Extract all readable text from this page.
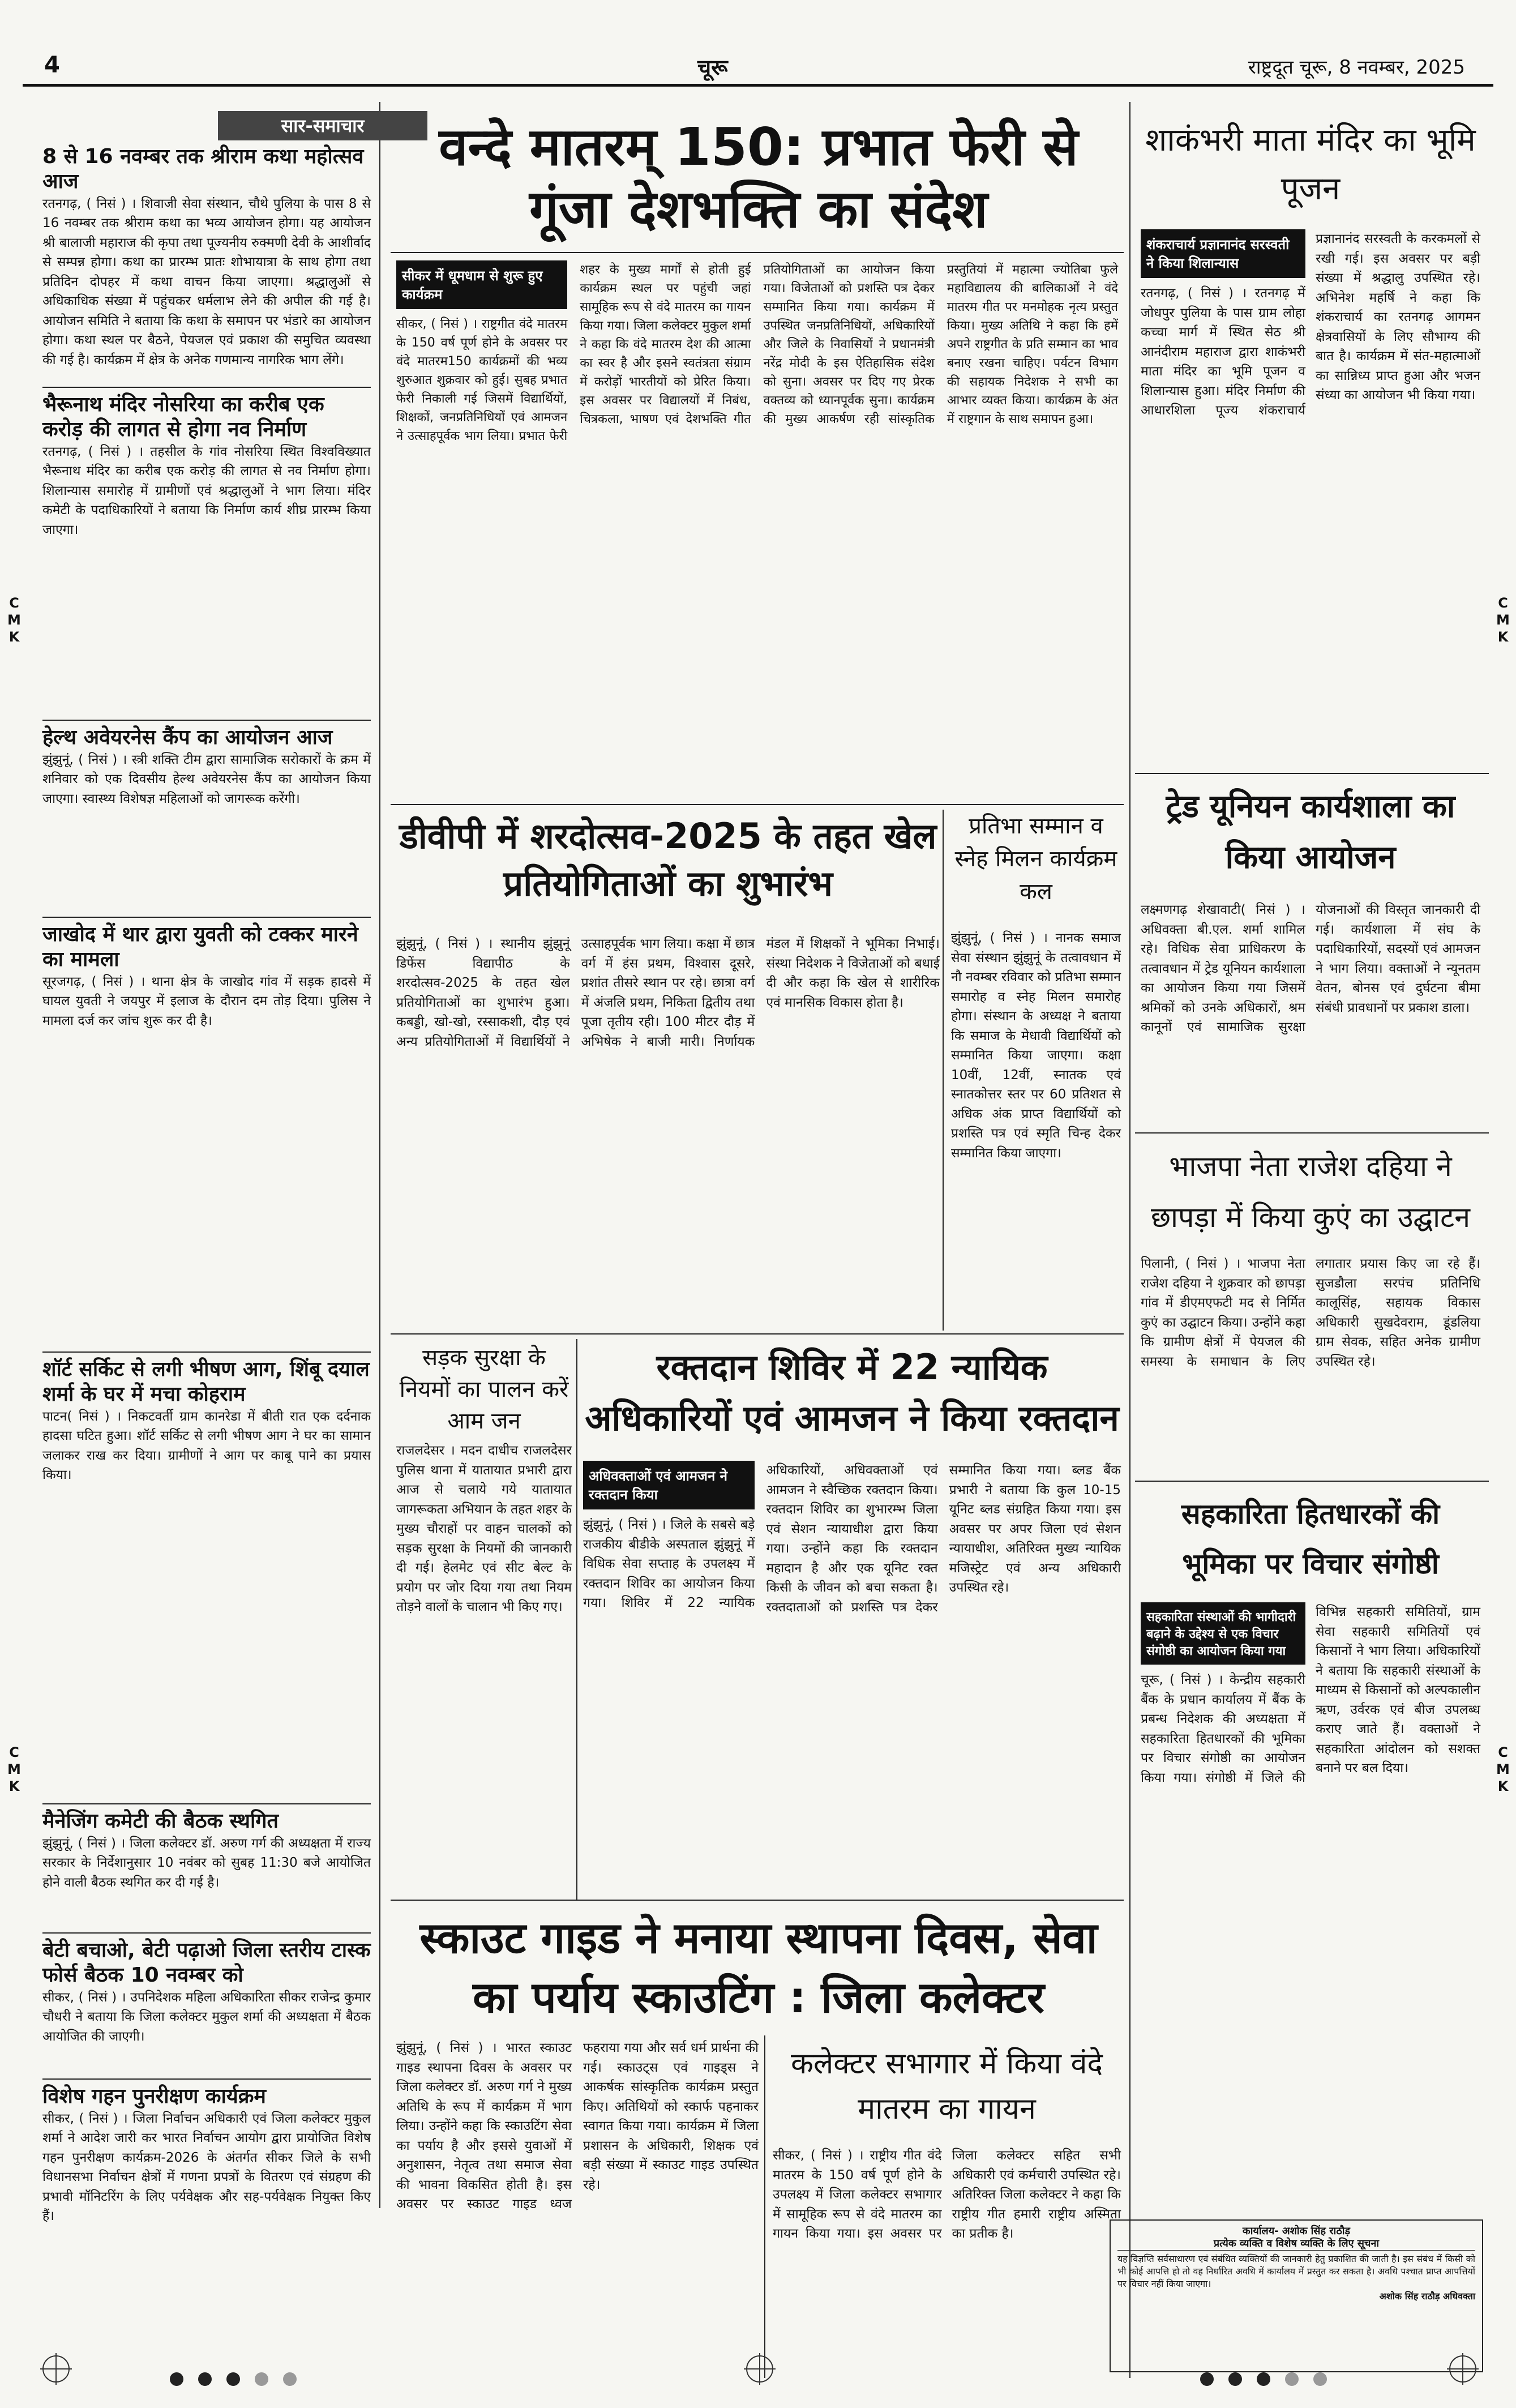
4	चूरू	राष्ट्रदूत चूरू, 8 नवम्बर, 2025
सार-समाचार
8 से 16 नवम्बर तक श्रीराम कथा महोत्सव आज
रतनगढ़, ( निसं ) । शिवाजी सेवा संस्थान, चौथे पुलिया के पास 8 से 16 नवम्बर तक श्रीराम कथा का भव्य आयोजन होगा। यह आयोजन श्री बालाजी महाराज की कृपा तथा पूज्यनीय रुक्मणी देवी के आशीर्वाद से सम्पन्न होगा। कथा का प्रारम्भ प्रातः शोभायात्रा के साथ होगा तथा प्रतिदिन दोपहर में कथा वाचन किया जाएगा। श्रद्धालुओं से अधिकाधिक संख्या में पहुंचकर धर्मलाभ लेने की अपील की गई है। आयोजन समिति ने बताया कि कथा के समापन पर भंडारे का आयोजन होगा। कथा स्थल पर बैठने, पेयजल एवं प्रकाश की समुचित व्यवस्था की गई है। कार्यक्रम में क्षेत्र के अनेक गणमान्य नागरिक भाग लेंगे।
भैरूनाथ मंदिर नोसरिया का करीब एक करोड़ की लागत से होगा नव निर्माण
रतनगढ़, ( निसं ) । तहसील के गांव नोसरिया स्थित विश्वविख्यात भैरूनाथ मंदिर का करीब एक करोड़ की लागत से नव निर्माण होगा। शिलान्यास समारोह में ग्रामीणों एवं श्रद्धालुओं ने भाग लिया। मंदिर कमेटी के पदाधिकारियों ने बताया कि निर्माण कार्य शीघ्र प्रारम्भ किया जाएगा।
हेल्थ अवेयरनेस कैंप का आयोजन आज
झुंझुनूं, ( निसं ) । स्त्री शक्ति टीम द्वारा सामाजिक सरोकारों के क्रम में शनिवार को एक दिवसीय हेल्थ अवेयरनेस कैंप का आयोजन किया जाएगा। स्वास्थ्य विशेषज्ञ महिलाओं को जागरूक करेंगी।
जाखोद में थार द्वारा युवती को टक्कर मारने का मामला
सूरजगढ़, ( निसं ) । थाना क्षेत्र के जाखोद गांव में सड़क हादसे में घायल युवती ने जयपुर में इलाज के दौरान दम तोड़ दिया। पुलिस ने मामला दर्ज कर जांच शुरू कर दी है।
शॉर्ट सर्किट से लगी भीषण आग, शिंबू दयाल शर्मा के घर में मचा कोहराम
पाटन( निसं ) । निकटवर्ती ग्राम कानरेडा में बीती रात एक दर्दनाक हादसा घटित हुआ। शॉर्ट सर्किट से लगी भीषण आग ने घर का सामान जलाकर राख कर दिया। ग्रामीणों ने आग पर काबू पाने का प्रयास किया।
मैनेजिंग कमेटी की बैठक स्थगित
झुंझुनूं, ( निसं ) । जिला कलेक्टर डॉ. अरुण गर्ग की अध्यक्षता में राज्य सरकार के निर्देशानुसार 10 नवंबर को सुबह 11:30 बजे आयोजित होने वाली बैठक स्थगित कर दी गई है।
बेटी बचाओ, बेटी पढ़ाओ जिला स्तरीय टास्क फोर्स बैठक 10 नवम्बर को
सीकर, ( निसं ) । उपनिदेशक महिला अधिकारिता सीकर राजेन्द्र कुमार चौधरी ने बताया कि जिला कलेक्टर मुकुल शर्मा की अध्यक्षता में बैठक आयोजित की जाएगी।
विशेष गहन पुनरीक्षण कार्यक्रम
सीकर, ( निसं ) । जिला निर्वाचन अधिकारी एवं जिला कलेक्टर मुकुल शर्मा ने आदेश जारी कर भारत निर्वाचन आयोग द्वारा प्रायोजित विशेष गहन पुनरीक्षण कार्यक्रम-2026 के अंतर्गत सीकर जिले के सभी विधानसभा निर्वाचन क्षेत्रों में गणना प्रपत्रों के वितरण एवं संग्रहण की प्रभावी मॉनिटरिंग के लिए पर्यवेक्षक और सह-पर्यवेक्षक नियुक्त किए हैं।
वन्दे मातरम्‌ 150: प्रभात फेरी से गूंजा देशभक्ति का संदेश
सीकर में धूमधाम से शुरू हुए कार्यक्रम
सीकर, ( निसं ) । राष्ट्रगीत वंदे मातरम के 150 वर्ष पूर्ण होने के अवसर पर वंदे मातरम150 कार्यक्रमों की भव्य शुरुआत शुक्रवार को हुई। सुबह प्रभात फेरी निकाली गई जिसमें विद्यार्थियों, शिक्षकों, जनप्रतिनिधियों एवं आमजन ने उत्साहपूर्वक भाग लिया। प्रभात फेरी शहर के मुख्य मार्गों से होती हुई कार्यक्रम स्थल पर पहुंची जहां सामूहिक रूप से वंदे मातरम का गायन किया गया। जिला कलेक्टर मुकुल शर्मा ने कहा कि वंदे मातरम देश की आत्मा का स्वर है और इसने स्वतंत्रता संग्राम में करोड़ों भारतीयों को प्रेरित किया। इस अवसर पर विद्यालयों में निबंध, चित्रकला, भाषण एवं देशभक्ति गीत प्रतियोगिताओं का आयोजन किया गया। विजेताओं को प्रशस्ति पत्र देकर सम्मानित किया गया। कार्यक्रम में उपस्थित जनप्रतिनिधियों, अधिकारियों और जिले के निवासियों ने प्रधानमंत्री नरेंद्र मोदी के इस ऐतिहासिक संदेश को सुना। अवसर पर दिए गए प्रेरक वक्तव्य को ध्यानपूर्वक सुना। कार्यक्रम की मुख्य आकर्षण रही सांस्कृतिक प्रस्तुतियां में महात्मा ज्योतिबा फुले महाविद्यालय की बालिकाओं ने वंदे मातरम गीत पर मनमोहक नृत्य प्रस्तुत किया। मुख्य अतिथि ने कहा कि हमें अपने राष्ट्रगीत के प्रति सम्मान का भाव बनाए रखना चाहिए। पर्यटन विभाग की सहायक निदेशक ने सभी का आभार व्यक्त किया। कार्यक्रम के अंत में राष्ट्रगान के साथ समापन हुआ।
डीवीपी में शरदोत्सव-2025 के तहत खेल प्रतियोगिताओं का शुभारंभ
झुंझुनूं, ( निसं ) । स्थानीय झुंझुनूं डिफेंस विद्यापीठ के शरदोत्सव-2025 के तहत खेल प्रतियोगिताओं का शुभारंभ हुआ। कबड्डी, खो-खो, रस्साकशी, दौड़ एवं अन्य प्रतियोगिताओं में विद्यार्थियों ने उत्साहपूर्वक भाग लिया। कक्षा में छात्र वर्ग में हंस प्रथम, विश्वास दूसरे, प्रशांत तीसरे स्थान पर रहे। छात्रा वर्ग में अंजलि प्रथम, निकिता द्वितीय तथा पूजा तृतीय रही। 100 मीटर दौड़ में अभिषेक ने बाजी मारी। निर्णायक मंडल में शिक्षकों ने भूमिका निभाई। संस्था निदेशक ने विजेताओं को बधाई दी और कहा कि खेल से शारीरिक एवं मानसिक विकास होता है।
प्रतिभा सम्मान व स्नेह मिलन कार्यक्रम कल
झुंझुनूं, ( निसं ) । नानक समाज सेवा संस्थान झुंझुनूं के तत्वावधान में नौ नवम्बर रविवार को प्रतिभा सम्मान समारोह व स्नेह मिलन समारोह होगा। संस्थान के अध्यक्ष ने बताया कि समाज के मेधावी विद्यार्थियों को सम्मानित किया जाएगा। कक्षा 10वीं, 12वीं, स्नातक एवं स्नातकोत्तर स्तर पर 60 प्रतिशत से अधिक अंक प्राप्त विद्यार्थियों को प्रशस्ति पत्र एवं स्मृति चिन्ह देकर सम्मानित किया जाएगा।
सड़क सुरक्षा के नियमों का पालन करें आम जन
राजलदेसर । मदन दाधीच राजलदेसर पुलिस थाना में यातायात प्रभारी द्वारा आज से चलाये गये यातायात जागरूकता अभियान के तहत शहर के मुख्य चौराहों पर वाहन चालकों को सड़क सुरक्षा के नियमों की जानकारी दी गई। हेलमेट एवं सीट बेल्ट के प्रयोग पर जोर दिया गया तथा नियम तोड़ने वालों के चालान भी किए गए।
रक्तदान शिविर में 22 न्यायिक अधिकारियों एवं आमजन ने किया रक्तदान
अधिवक्ताओं एवं आमजन ने रक्तदान किया
झुंझुनूं, ( निसं ) । जिले के सबसे बड़े राजकीय बीडीके अस्पताल झुंझुनूं में विधिक सेवा सप्ताह के उपलक्ष्य में रक्तदान शिविर का आयोजन किया गया। शिविर में 22 न्यायिक अधिकारियों, अधिवक्ताओं एवं आमजन ने स्वैच्छिक रक्तदान किया। रक्तदान शिविर का शुभारम्भ जिला एवं सेशन न्यायाधीश द्वारा किया गया। उन्होंने कहा कि रक्तदान महादान है और एक यूनिट रक्त किसी के जीवन को बचा सकता है। रक्तदाताओं को प्रशस्ति पत्र देकर सम्मानित किया गया। ब्लड बैंक प्रभारी ने बताया कि कुल 10-15 यूनिट ब्लड संग्रहित किया गया। इस अवसर पर अपर जिला एवं सेशन न्यायाधीश, अतिरिक्त मुख्य न्यायिक मजिस्ट्रेट एवं अन्य अधिकारी उपस्थित रहे।
स्काउट गाइड ने मनाया स्थापना दिवस, सेवा का पर्याय स्काउटिंग : जिला कलेक्टर
झुंझुनूं, ( निसं ) । भारत स्काउट गाइड स्थापना दिवस के अवसर पर जिला कलेक्टर डॉ. अरुण गर्ग ने मुख्य अतिथि के रूप में कार्यक्रम में भाग लिया। उन्होंने कहा कि स्काउटिंग सेवा का पर्याय है और इससे युवाओं में अनुशासन, नेतृत्व तथा समाज सेवा की भावना विकसित होती है। इस अवसर पर स्काउट गाइड ध्वज फहराया गया और सर्व धर्म प्रार्थना की गई। स्काउट्स एवं गाइड्स ने आकर्षक सांस्कृतिक कार्यक्रम प्रस्तुत किए। अतिथियों को स्कार्फ पहनाकर स्वागत किया गया। कार्यक्रम में जिला प्रशासन के अधिकारी, शिक्षक एवं बड़ी संख्या में स्काउट गाइड उपस्थित रहे।
कलेक्टर सभागार में किया वंदे मातरम का गायन
सीकर, ( निसं ) । राष्ट्रीय गीत वंदे मातरम के 150 वर्ष पूर्ण होने के उपलक्ष्य में जिला कलेक्टर सभागार में सामूहिक रूप से वंदे मातरम का गायन किया गया। इस अवसर पर जिला कलेक्टर सहित सभी अधिकारी एवं कर्मचारी उपस्थित रहे। अतिरिक्त जिला कलेक्टर ने कहा कि राष्ट्रीय गीत हमारी राष्ट्रीय अस्मिता का प्रतीक है।
शाकंभरी माता मंदिर का भूमि पूजन
शंकराचार्य प्रज्ञानानंद सरस्वती ने किया शिलान्यास
रतनगढ़, ( निसं ) । रतनगढ़ में जोधपुर पुलिया के पास ग्राम लोहा कच्चा मार्ग में स्थित सेठ श्री आनंदीराम महाराज द्वारा शाकंभरी माता मंदिर का भूमि पूजन व शिलान्यास हुआ। मंदिर निर्माण की आधारशिला पूज्य शंकराचार्य प्रज्ञानानंद सरस्वती के करकमलों से रखी गई। इस अवसर पर बड़ी संख्या में श्रद्धालु उपस्थित रहे। अभिनेश महर्षि ने कहा कि शंकराचार्य का रतनगढ़ आगमन क्षेत्रवासियों के लिए सौभाग्य की बात है। कार्यक्रम में संत-महात्माओं का सान्निध्य प्राप्त हुआ और भजन संध्या का आयोजन भी किया गया।
ट्रेड यूनियन कार्यशाला का किया आयोजन
लक्ष्मणगढ़ शेखावाटी( निसं ) । अधिवक्ता बी.एल. शर्मा शामिल रहे। विधिक सेवा प्राधिकरण के तत्वावधान में ट्रेड यूनियन कार्यशाला का आयोजन किया गया जिसमें श्रमिकों को उनके अधिकारों, श्रम कानूनों एवं सामाजिक सुरक्षा योजनाओं की विस्तृत जानकारी दी गई। कार्यशाला में संघ के पदाधिकारियों, सदस्यों एवं आमजन ने भाग लिया। वक्ताओं ने न्यूनतम वेतन, बोनस एवं दुर्घटना बीमा संबंधी प्रावधानों पर प्रकाश डाला।
भाजपा नेता राजेश दहिया ने छापड़ा में किया कुएं का उद्घाटन
पिलानी, ( निसं ) । भाजपा नेता राजेश दहिया ने शुक्रवार को छापड़ा गांव में डीएमएफटी मद से निर्मित कुएं का उद्घाटन किया। उन्होंने कहा कि ग्रामीण क्षेत्रों में पेयजल की समस्या के समाधान के लिए लगातार प्रयास किए जा रहे हैं। सुजडौला सरपंच प्रतिनिधि कालूसिंह, सहायक विकास अधिकारी सुखदेवराम, डूंडलिया ग्राम सेवक, सहित अनेक ग्रामीण उपस्थित रहे।
सहकारिता हितधारकों की भूमिका पर विचार संगोष्ठी
सहकारिता संस्थाओं की भागीदारी बढ़ाने के उद्देश्य से एक विचार संगोष्ठी का आयोजन किया गया
चूरू, ( निसं ) । केन्द्रीय सहकारी बैंक के प्रधान कार्यालय में बैंक के प्रबन्ध निदेशक की अध्यक्षता में सहकारिता हितधारकों की भूमिका पर विचार संगोष्ठी का आयोजन किया गया। संगोष्ठी में जिले की विभिन्न सहकारी समितियों, ग्राम सेवा सहकारी समितियों एवं किसानों ने भाग लिया। अधिकारियों ने बताया कि सहकारी संस्थाओं के माध्यम से किसानों को अल्पकालीन ऋण, उर्वरक एवं बीज उपलब्ध कराए जाते हैं। वक्ताओं ने सहकारिता आंदोलन को सशक्त बनाने पर बल दिया।
कार्यालय- अशोक सिंह राठौड़
प्रत्येक व्यक्ति व विशेष व्यक्ति के लिए सूचना
यह विज्ञप्ति सर्वसाधारण एवं संबंधित व्यक्तियों की जानकारी हेतु प्रकाशित की जाती है। इस संबंध में किसी को भी कोई आपत्ति हो तो वह निर्धारित अवधि में कार्यालय में प्रस्तुत कर सकता है। अवधि पश्चात प्राप्त आपत्तियों पर विचार नहीं किया जाएगा।
अशोक सिंह राठौड़ अधिवक्ता
C
M
K
C
M
K
C
M
K
C
M
K
